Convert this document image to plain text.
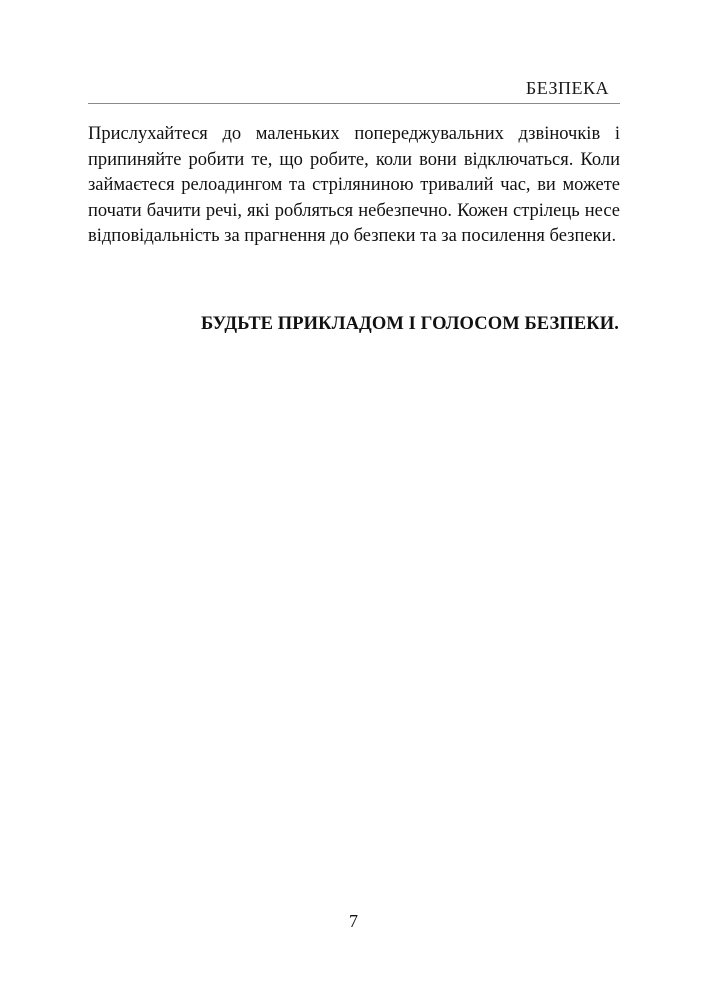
БЕЗПЕКА

Прислухайтеся до маленьких попереджувальних дзвіночків і припиняйте робити те, що робите, коли вони відключаться. Коли займаєтеся релоадингом та стріляниною тривалий час, ви можете почати бачити речі, які робляться небезпечно. Кожен стрілець несе відповідальність за прагнення до безпеки та за посилення безпеки.

БУДЬТЕ ПРИКЛАДОМ І ГОЛОСОМ БЕЗПЕКИ.
7
